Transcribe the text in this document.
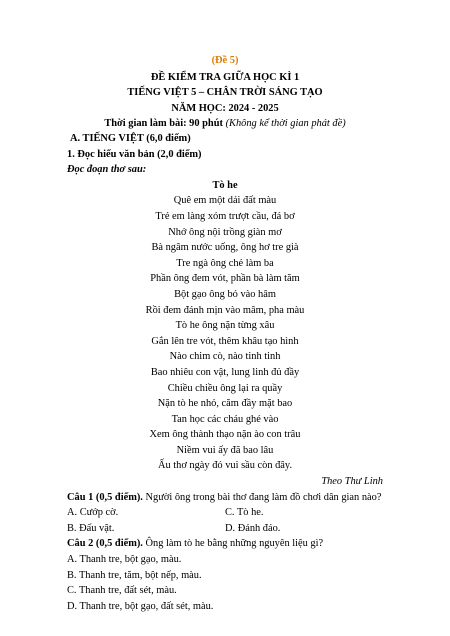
(Đề 5)

ĐỀ KIỂM TRA GIỮA HỌC KÌ 1

TIẾNG VIỆT 5 – CHÂN TRỜI SÁNG TẠO

NĂM HỌC: 2024 - 2025

Thời gian làm bài: 90 phút (Không kể thời gian phát đề)

A. TIẾNG VIỆT (6,0 điểm)

1. Đọc hiểu văn bản (2,0 điểm)

Đọc đoạn thơ sau:

Tò he

Quê em một dải đất màu

Trẻ em làng xóm trượt cầu, đá bơ

Nhớ ông nội trồng giàn mơ

Bà ngâm nước uống, ông hơ tre già

Tre ngà ông chẻ làm ba

Phần ông đem vót, phần bà làm tăm

Bột gạo ông bỏ vào hâm

Rồi đem đánh mịn vào mâm, pha màu

Tò he ông nặn từng xâu

Gắn lên tre vót, thêm khâu tạo hình

Nào chim cò, nào tinh tinh

Bao nhiêu con vật, lung linh đủ đầy

Chiều chiều ông lại ra quầy

Nặn tò he nhỏ, căm đầy mặt bao

Tan học các cháu ghé vào

Xem ông thành thạo nặn ào con trâu

Niềm vui ấy đã bao lâu

Ấu thơ ngày đó vui sầu còn đây.

Theo Thư Linh

Câu 1 (0,5 điểm). Người ông trong bài thơ đang làm đồ chơi dân gian nào?

A. Cướp cờ.	C. Tò he.
B. Đấu vật.	D. Đánh đáo.

Câu 2 (0,5 điểm). Ông làm tò he bằng những nguyên liệu gì?

A. Thanh tre, bột gạo, màu.

B. Thanh tre, tăm, bột nếp, màu.

C. Thanh tre, đất sét, màu.

D. Thanh tre, bột gạo, đất sét, màu.
